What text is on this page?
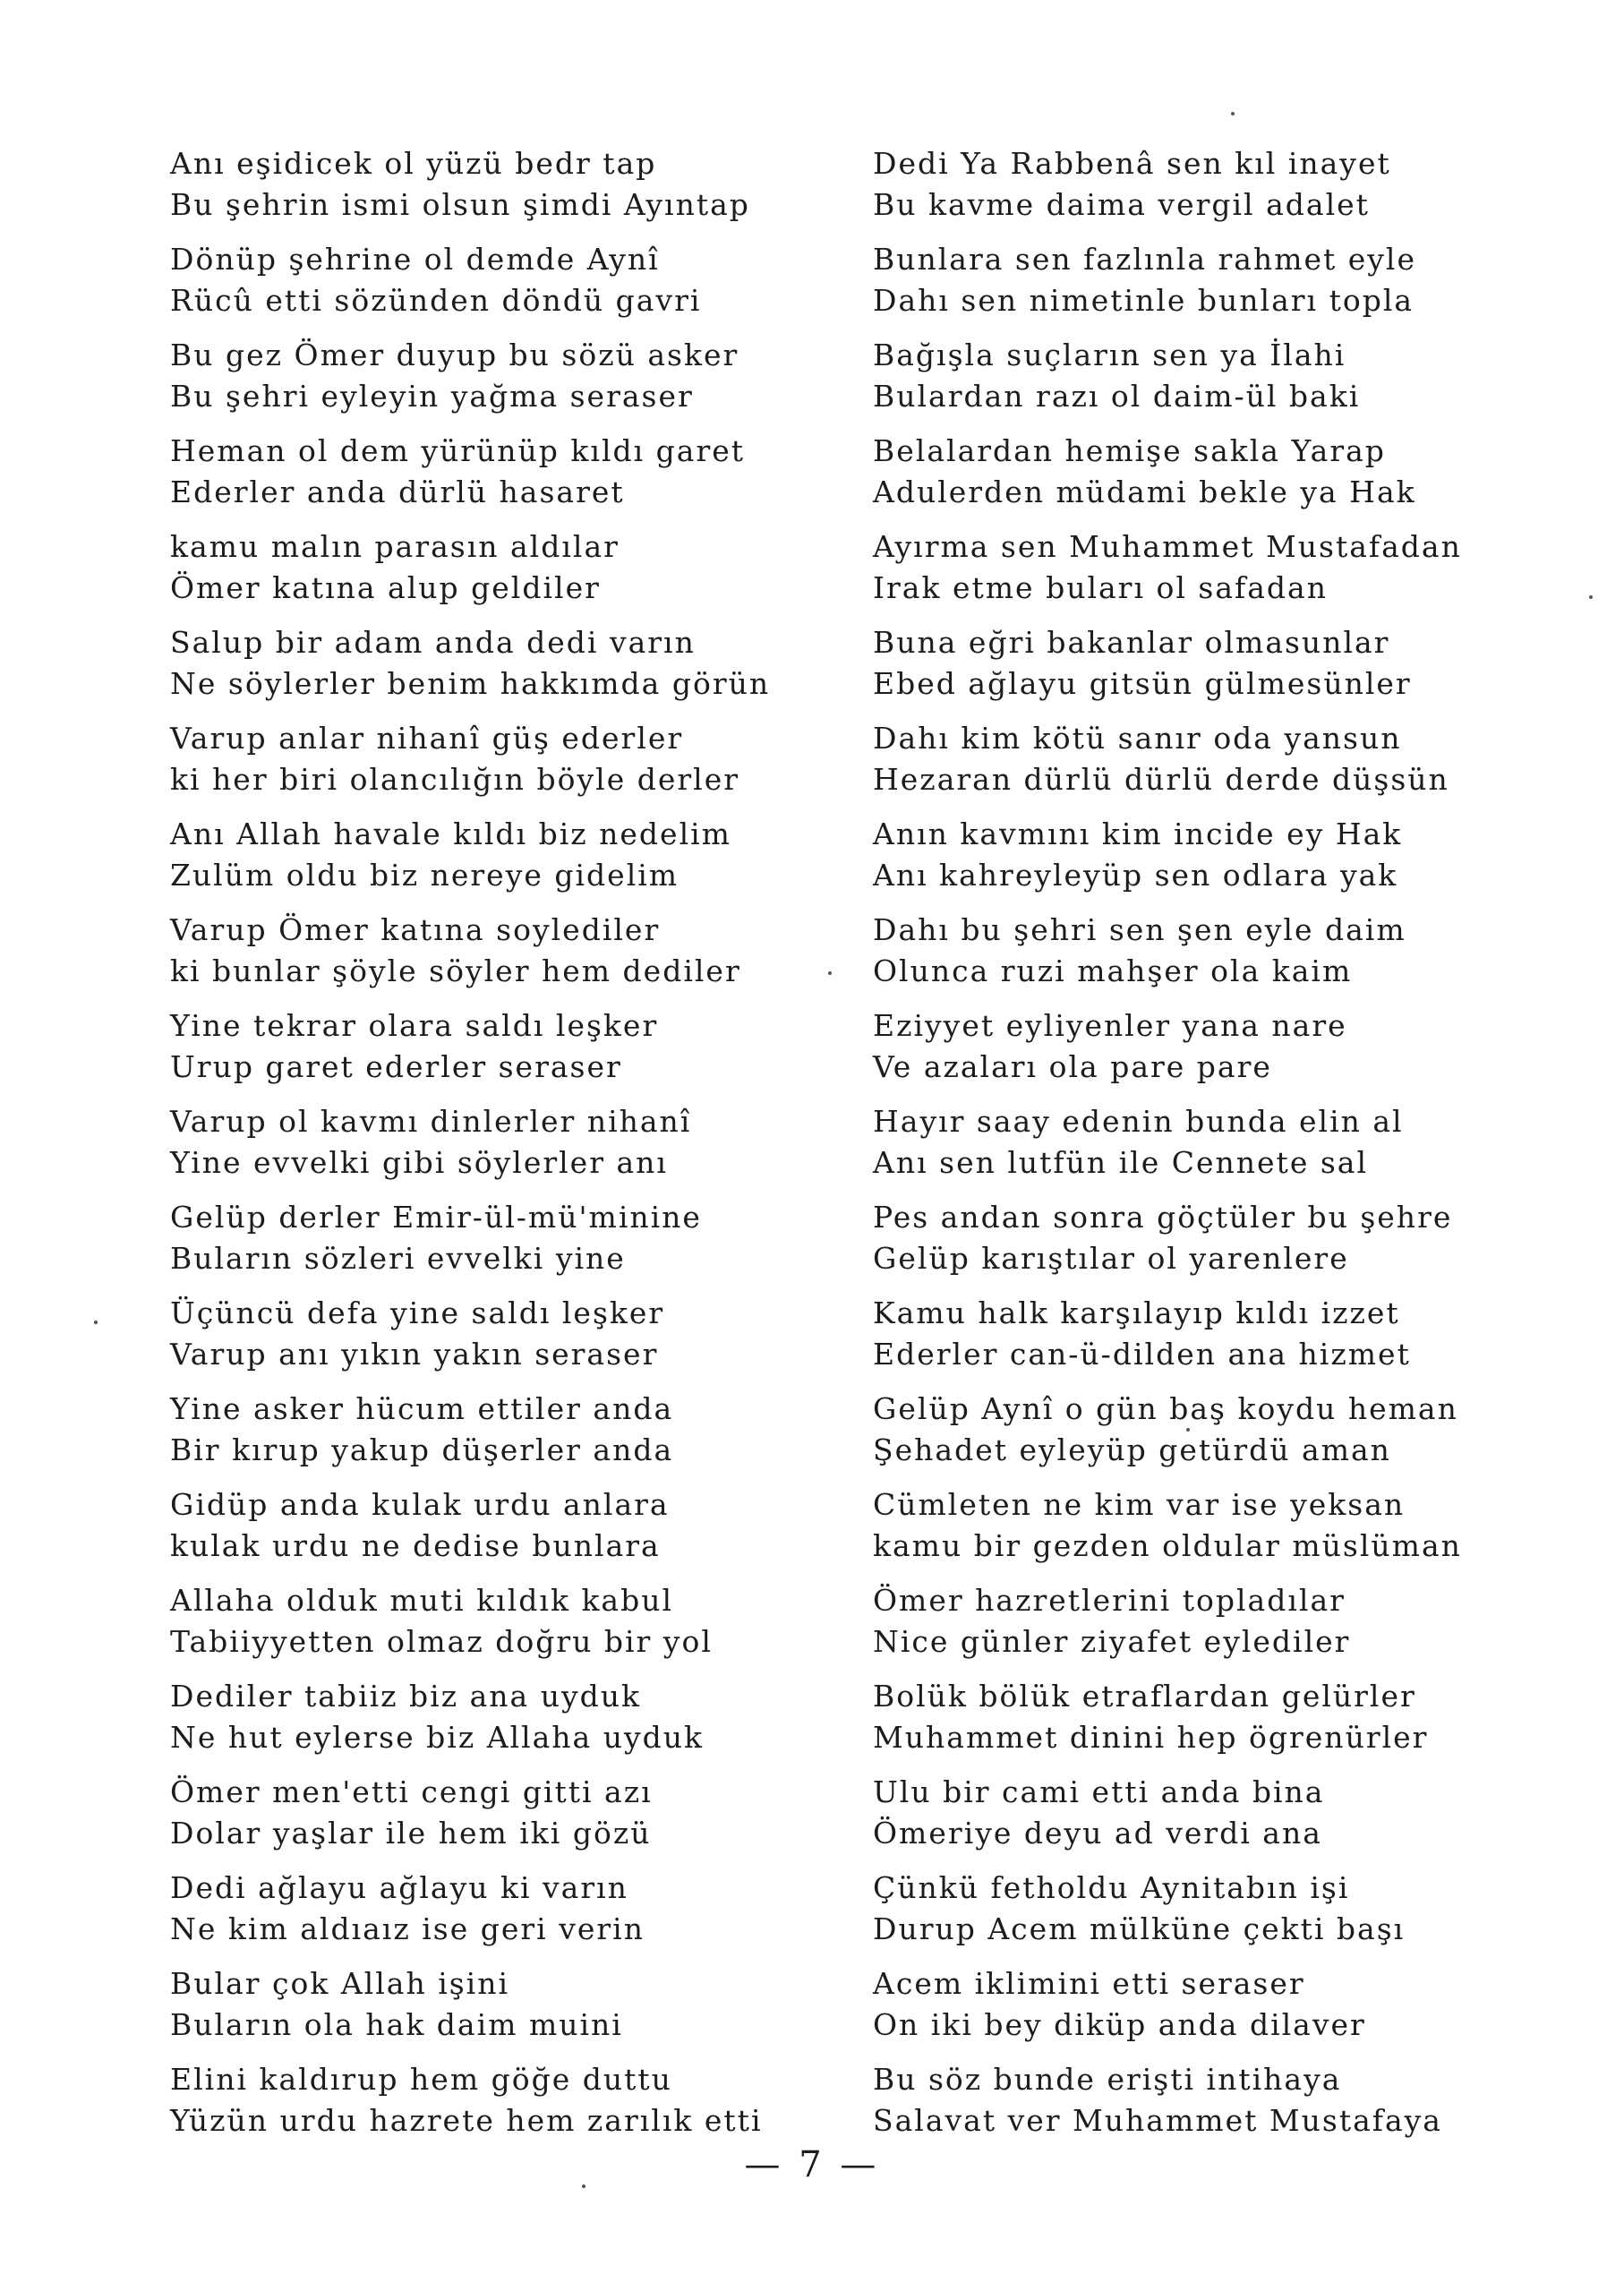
Anı eşidicek ol yüzü bedr tap
Bu şehrin ismi olsun şimdi Ayıntap
Dönüp şehrine ol demde Aynî
Rücû etti sözünden döndü gavri
Bu gez Ömer duyup bu sözü asker
Bu şehri eyleyin yağma seraser
Heman ol dem yürünüp kıldı garet
Ederler anda dürlü hasaret
kamu malın parasın aldılar
Ömer katına alup geldiler
Salup bir adam anda dedi varın
Ne söylerler benim hakkımda görün
Varup anlar nihanî güş ederler
ki her biri olancılığın böyle derler
Anı Allah havale kıldı biz nedelim
Zulüm oldu biz nereye gidelim
Varup Ömer katına soylediler
ki bunlar şöyle söyler hem dediler
Yine tekrar olara saldı leşker
Urup garet ederler seraser
Varup ol kavmı dinlerler nihanî
Yine evvelki gibi söylerler anı
Gelüp derler Emir-ül-mü'minine
Buların sözleri evvelki yine
Üçüncü defa yine saldı leşker
Varup anı yıkın yakın seraser
Yine asker hücum ettiler anda
Bir kırup yakup düşerler anda
Gidüp anda kulak urdu anlara
kulak urdu ne dedise bunlara
Allaha olduk muti kıldık kabul
Tabiiyyetten olmaz doğru bir yol
Dediler tabiiz biz ana uyduk
Ne hut eylerse biz Allaha uyduk
Ömer men'etti cengi gitti azı
Dolar yaşlar ile hem iki gözü
Dedi ağlayu ağlayu ki varın
Ne kim aldıaız ise geri verin
Bular çok Allah işini
Buların ola hak daim muini
Elini kaldırup hem göğe duttu
Yüzün urdu hazrete hem zarılık etti
Dedi Ya Rabbenâ sen kıl inayet
Bu kavme daima vergil adalet
Bunlara sen fazlınla rahmet eyle
Dahı sen nimetinle bunları topla
Bağışla suçların sen ya İlahi
Bulardan razı ol daim-ül baki
Belalardan hemişe sakla Yarap
Adulerden müdami bekle ya Hak
Ayırma sen Muhammet Mustafadan
Irak etme buları ol safadan
Buna eğri bakanlar olmasunlar
Ebed ağlayu gitsün gülmesünler
Dahı kim kötü sanır oda yansun
Hezaran dürlü dürlü derde düşsün
Anın kavmını kim incide ey Hak
Anı kahreyleyüp sen odlara yak
Dahı bu şehri sen şen eyle daim
Olunca ruzi mahşer ola kaim
Eziyyet eyliyenler yana nare
Ve azaları ola pare pare
Hayır saay edenin bunda elin al
Anı sen lutfün ile Cennete sal
Pes andan sonra göçtüler bu şehre
Gelüp karıştılar ol yarenlere
Kamu halk karşılayıp kıldı izzet
Ederler can-ü-dilden ana hizmet
Gelüp Aynî o gün baş koydu heman
Şehadet eyleyüp getürdü aman
Cümleten ne kim var ise yeksan
kamu bir gezden oldular müslüman
Ömer hazretlerini topladılar
Nice günler ziyafet eylediler
Bolük bölük etraflardan gelürler
Muhammet dinini hep ögrenürler
Ulu bir cami etti anda bina
Ömeriye deyu ad verdi ana
Çünkü fetholdu Aynitabın işi
Durup Acem mülküne çekti başı
Acem iklimini etti seraser
On iki bey diküp anda dilaver
Bu söz bunde erişti intihaya
Salavat ver Muhammet Mustafaya
— 7 —
